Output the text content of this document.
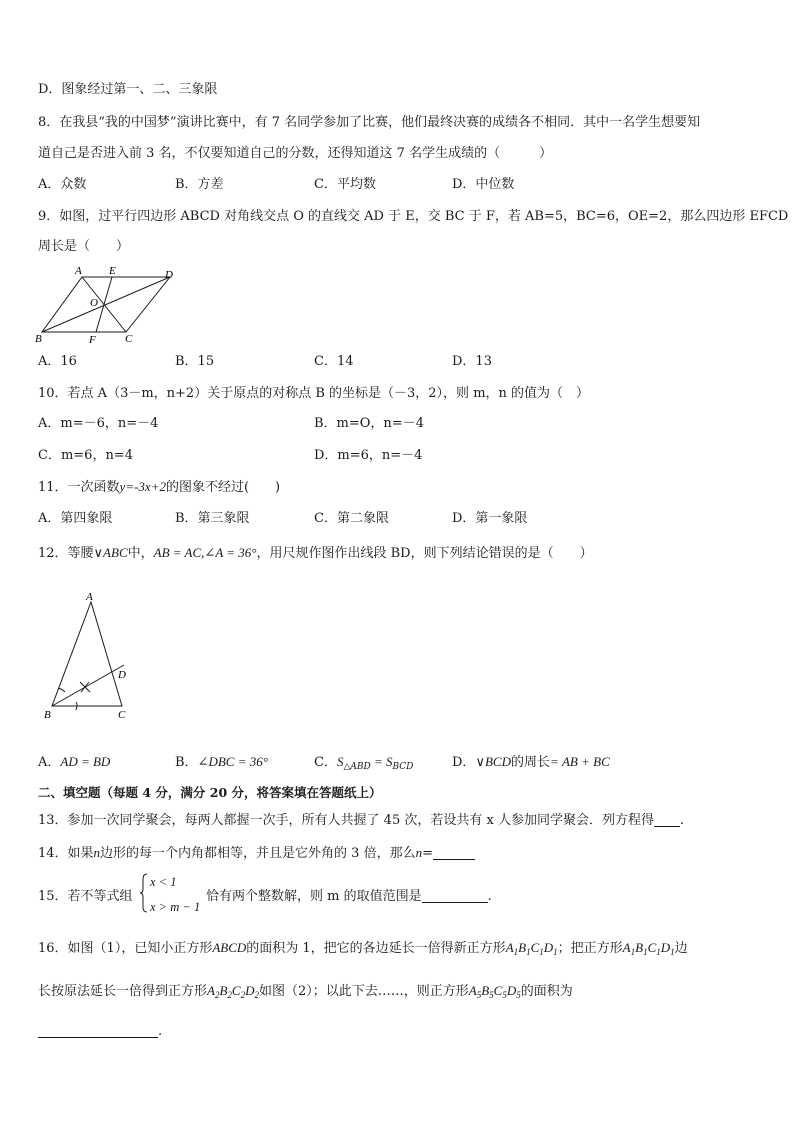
D．图象经过第一、二、三象限
8．在我县“我的中国梦”演讲比赛中，有 7 名同学参加了比赛，他们最终决赛的成绩各不相同．其中一名学生想要知
道自己是否进入前 3 名，不仅要知道自己的分数，还得知道这 7 名学生成绩的（　　　）
A．众数	B．方差	C．平均数	D．中位数
9．如图，过平行四边形 ABCD 对角线交点 O 的直线交 AD 于 E，交 BC 于 F，若 AB=5，BC=6，OE=2，那么四边形 EFCD
周长是（　　）
A E	D
O
B	F	C
A．16	B．15	C．14	D．13
10．若点 A（3－m，n+2）关于原点的对称点 B 的坐标是（－3，2），则 m，n 的值为（　）
A．m=－6，n=－4	B．m=O，n=－4
C．m=6，n=4	D．m=6，n=－4
11．一次函数y=-3x+2的图象不经过(　　)
A．第四象限	B．第三象限	C．第二象限	D．第一象限
12．等腰∨ABC中，AB = AC,∠A = 36°，用尺规作图作出线段 BD，则下列结论错误的是（　　）
A
D
B	C
A．AD = BD	B．∠DBC = 36°	C．$S_{\triangle ABD} = S_{BCD}$	D．∨BCD的周长= AB + BC
二、填空题（每题 4 分，满分 20 分，将答案填在答题纸上）
13．参加一次同学聚会，每两人都握一次手，所有人共握了 45 次，若设共有 x 人参加同学聚会．列方程得 .
14．如果n边形的每一个内角都相等，并且是它外角的 3 倍，那么n=
15．若不等式组
x < 1
x > m − 1
恰有两个整数解，则 m 的取值范围是	.
16．如图（1），已知小正方形ABCD的面积为 1，把它的各边延长一倍得新正方形$A_1B_1C_1D_1$；把正方形$A_1B_1C_1D_1$边
长按原法延长一倍得到正方形$A_2B_2C_2D_2$如图（2）；以此下去……，则正方形$A_5B_5C_5D_5$的面积为
.
